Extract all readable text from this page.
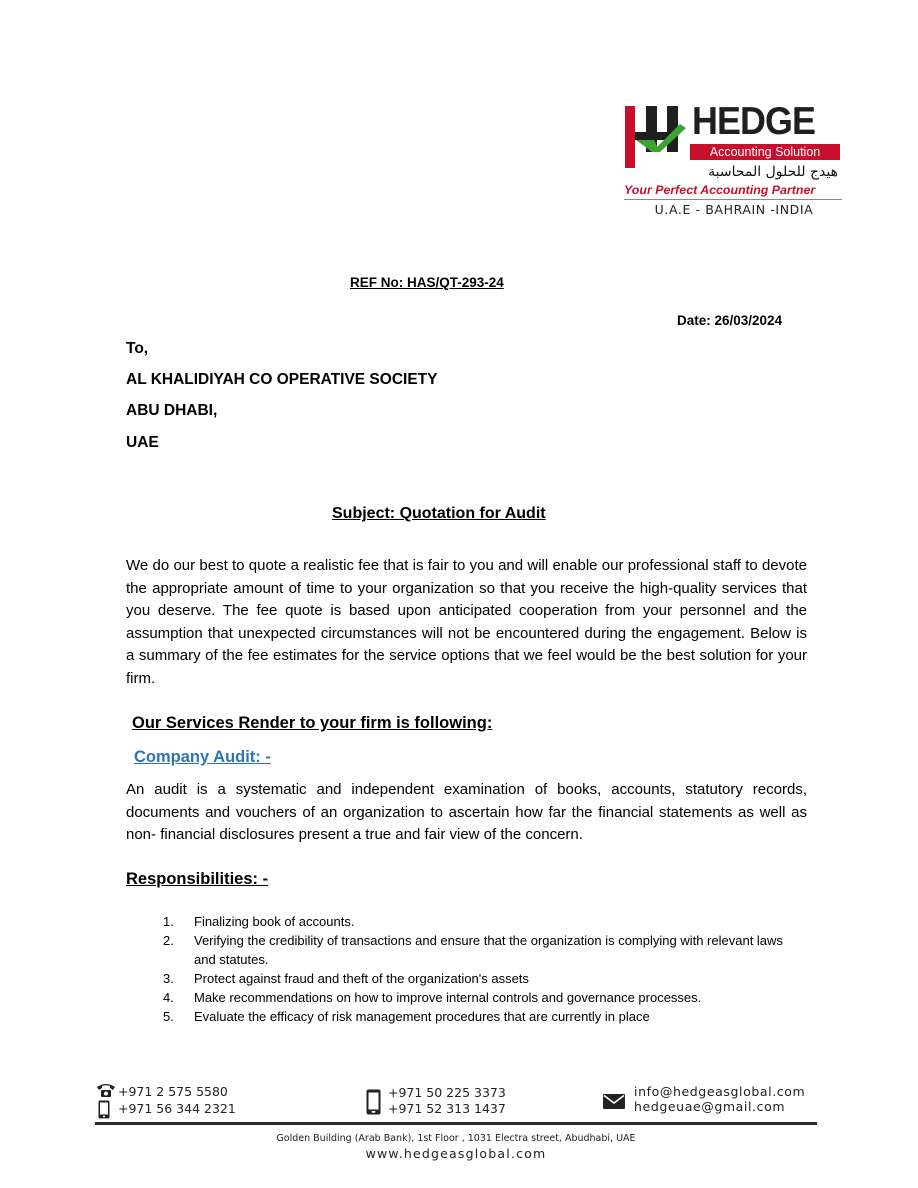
HEDGE
Accounting Solution
هيدج للحلول المحاسبة
Your Perfect Accounting Partner
U.A.E - BAHRAIN -INDIA
REF No: HAS/QT-293-24
Date: 26/03/2024
To,
AL KHALIDIYAH CO OPERATIVE SOCIETY
ABU DHABI,
UAE
Subject: Quotation for Audit
We do our best to quote a realistic fee that is fair to you and will enable our professional staff to devote the appropriate amount of time to your organization so that you receive the high-quality services that you deserve. The fee quote is based upon anticipated cooperation from your personnel and the assumption that unexpected circumstances will not be encountered during the engagement. Below is a summary of the fee estimates for the service options that we feel would be the best solution for your firm.
Our Services Render to your firm is following:
Company Audit: -
An audit is a systematic and independent examination of books, accounts, statutory records, documents and vouchers of an organization to ascertain how far the financial statements as well as non- financial disclosures present a true and fair view of the concern.
Responsibilities: -
1. Finalizing book of accounts.
2. Verifying the credibility of transactions and ensure that the organization is complying with relevant laws and statutes.
3. Protect against fraud and theft of the organization's assets
4. Make recommendations on how to improve internal controls and governance processes.
5. Evaluate the efficacy of risk management procedures that are currently in place
+971 2 575 5580
+971 56 344 2321
+971 50 225 3373
+971 52 313 1437
info@hedgeasglobal.com
hedgeuae@gmail.com
Golden Building (Arab Bank), 1st Floor , 1031 Electra street, Abudhabi, UAE
www.hedgeasglobal.com
